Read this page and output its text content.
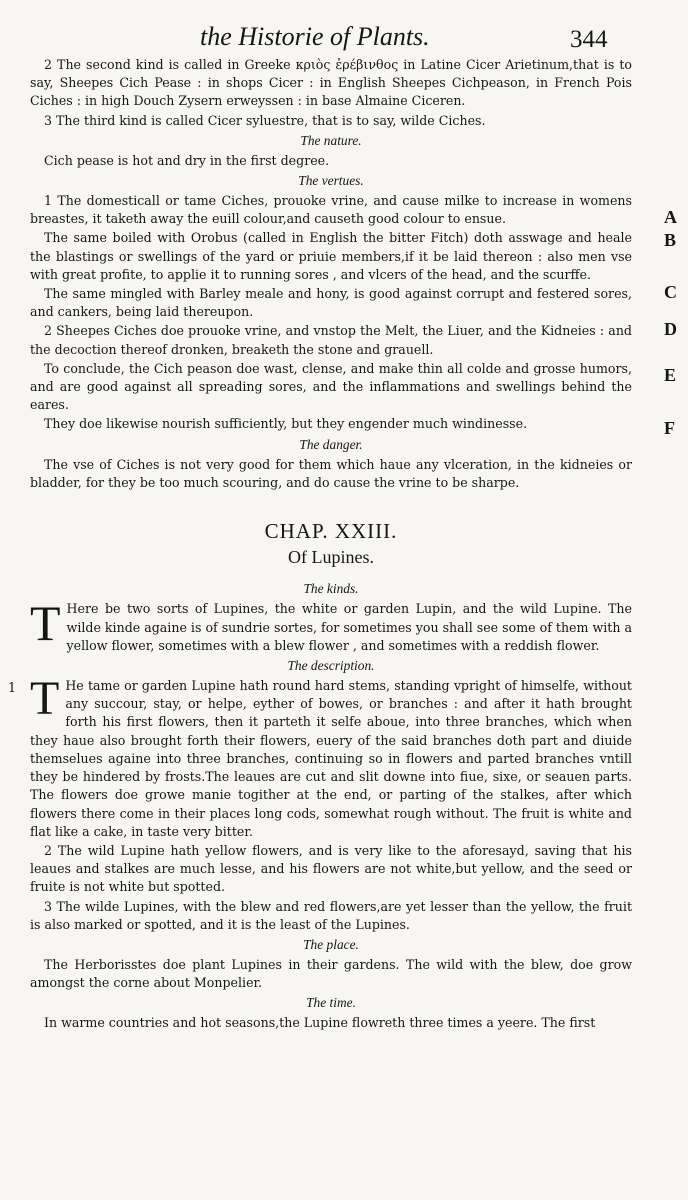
the Historie of Plants.	344

2 The second kind is called in Greeke κριὸς ἐρέβινθος in Latine Cicer Arietinum,that is to say, Sheepes Cich Pease : in shops Cicer : in English Sheepes Cichpeason, in French Pois Ciches : in high Douch Zysern erweyssen : in base Almaine Ciceren.

3 The third kind is called Cicer syluestre, that is to say, wilde Ciches.

The nature.

Cich pease is hot and dry in the first degree.

The vertues.
1 The domesticall or tame Ciches, prouoke vrine, and cause milke to increase in womens breastes, it taketh away the euill colour,and causeth good colour to ensue.	A
The same boiled with Orobus (called in English the bitter Fitch) doth asswage and heale the blastings or swellings of the yard or priuie members,if it be laid thereon : also men vse with great profite, to applie it to running sores , and vlcers of the head, and the scurffe.
B
The same mingled with Barley meale and hony, is good against corrupt and festered sores, and cankers, being laid thereupon.
C
2 Sheepes Ciches doe prouoke vrine, and vnstop the Melt, the Liuer, and the Kidneies : and the decoction thereof dronken, breaketh the stone and grauell.
D
To conclude, the Cich peason doe wast, clense, and make thin all colde and grosse humors, and are good against all spreading sores, and the inflammations and swellings behind the eares.
E
They doe likewise nourish sufficiently, but they engender much windinesse.	F
The danger.

The vse of Ciches is not very good for them which haue any vlceration, in the kidneies or bladder, for they be too much scouring, and do cause the vrine to be sharpe.

CHAP. XXIII.
Of Lupines.
The kinds.
T Here be two sorts of Lupines, the white or garden Lupin, and the wild Lupine. The wilde kinde againe is of sundrie sortes, for sometimes you shall see some of them with a yellow flower, sometimes with a blew flower , and sometimes with a reddish flower.
The description.
1 T He tame or garden Lupine hath round hard stems, standing vpright of himselfe, without any succour, stay, or helpe, eyther of bowes, or branches : and after it hath brought forth his first flowers, then it parteth it selfe aboue, into three branches, which when they haue also brought forth their flowers, euery of the said branches doth part and diuide themselues againe into three branches, continuing so in flowers and parted branches vntill they be hindered by frosts.The leaues are cut and slit downe into fiue, sixe, or seauen parts. The flowers doe growe manie togither at the end, or parting of the stalkes, after which flowers there come in their places long cods, somewhat rough without. The fruit is white and flat like a cake, in taste very bitter.

2 The wild Lupine hath yellow flowers, and is very like to the aforesayd, saving that his leaues and stalkes are much lesse, and his flowers are not white,but yellow, and the seed or fruite is not white but spotted.

3 The wilde Lupines, with the blew and red flowers,are yet lesser than the yellow, the fruit is also marked or spotted, and it is the least of the Lupines.

The place.

The Herborisstes doe plant Lupines in their gardens. The wild with the blew, doe grow amongst the corne about Monpelier.

The time.

In warme countries and hot seasons,the Lupine flowreth three times a yeere. The first
